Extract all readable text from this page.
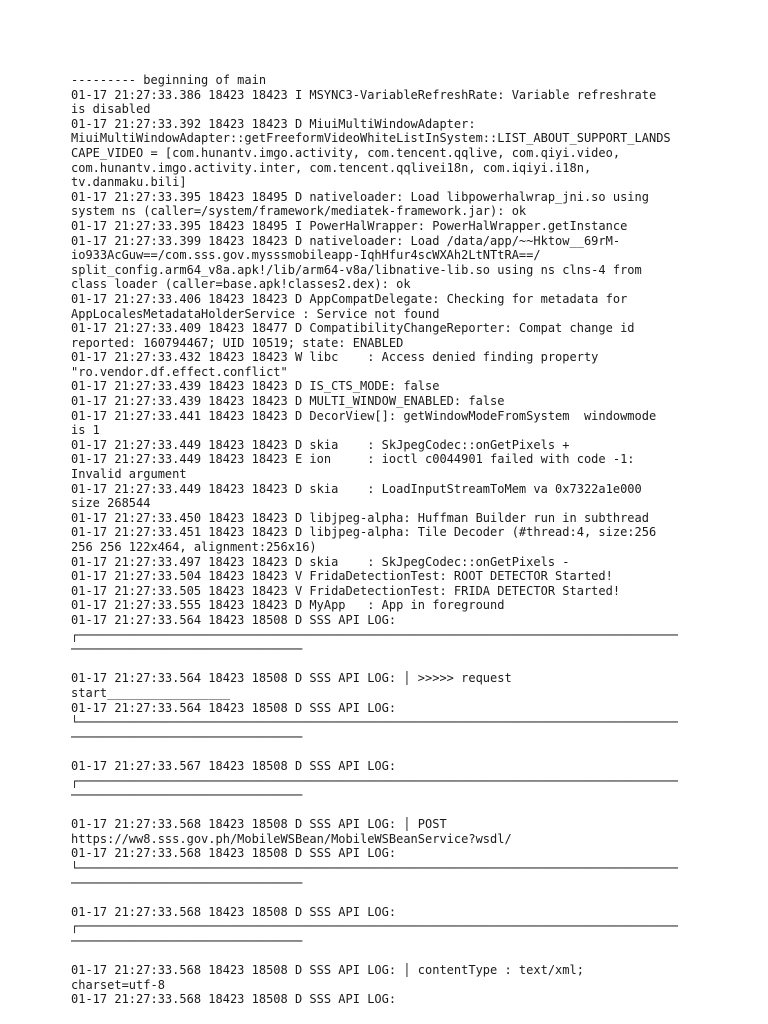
--------- beginning of main
01-17 21:27:33.386 18423 18423 I MSYNC3-VariableRefreshRate: Variable refreshrate
is disabled
01-17 21:27:33.392 18423 18423 D MiuiMultiWindowAdapter:
MiuiMultiWindowAdapter::getFreeformVideoWhiteListInSystem::LIST_ABOUT_SUPPORT_LANDS
CAPE_VIDEO = [com.hunantv.imgo.activity, com.tencent.qqlive, com.qiyi.video,
com.hunantv.imgo.activity.inter, com.tencent.qqlivei18n, com.iqiyi.i18n,
tv.danmaku.bili]
01-17 21:27:33.395 18423 18495 D nativeloader: Load libpowerhalwrap_jni.so using
system ns (caller=/system/framework/mediatek-framework.jar): ok
01-17 21:27:33.395 18423 18495 I PowerHalWrapper: PowerHalWrapper.getInstance
01-17 21:27:33.399 18423 18423 D nativeloader: Load /data/app/~~Hktow__69rM-
io933AcGuw==/com.sss.gov.mysssmobileapp-IqhHfur4scWXAh2LtNTtRA==/
split_config.arm64_v8a.apk!/lib/arm64-v8a/libnative-lib.so using ns clns-4 from
class loader (caller=base.apk!classes2.dex): ok
01-17 21:27:33.406 18423 18423 D AppCompatDelegate: Checking for metadata for
AppLocalesMetadataHolderService : Service not found
01-17 21:27:33.409 18423 18477 D CompatibilityChangeReporter: Compat change id
reported: 160794467; UID 10519; state: ENABLED
01-17 21:27:33.432 18423 18423 W libc    : Access denied finding property
"ro.vendor.df.effect.conflict"
01-17 21:27:33.439 18423 18423 D IS_CTS_MODE: false
01-17 21:27:33.439 18423 18423 D MULTI_WINDOW_ENABLED: false
01-17 21:27:33.441 18423 18423 D DecorView[]: getWindowModeFromSystem  windowmode
is 1
01-17 21:27:33.449 18423 18423 D skia    : SkJpegCodec::onGetPixels +
01-17 21:27:33.449 18423 18423 E ion     : ioctl c0044901 failed with code -1:
Invalid argument
01-17 21:27:33.449 18423 18423 D skia    : LoadInputStreamToMem va 0x7322a1e000
size 268544
01-17 21:27:33.450 18423 18423 D libjpeg-alpha: Huffman Builder run in subthread
01-17 21:27:33.451 18423 18423 D libjpeg-alpha: Tile Decoder (#thread:4, size:256
256 256 122x464, alignment:256x16)
01-17 21:27:33.497 18423 18423 D skia    : SkJpegCodec::onGetPixels -
01-17 21:27:33.504 18423 18423 V FridaDetectionTest: ROOT DETECTOR Started!
01-17 21:27:33.505 18423 18423 V FridaDetectionTest: FRIDA DETECTOR Started!
01-17 21:27:33.555 18423 18423 D MyApp   : App in foreground
01-17 21:27:33.564 18423 18508 D SSS API LOG:
┌───────────────────────────────────────────────────────────────────────────────────
────────────────────────────────

01-17 21:27:33.564 18423 18508 D SSS API LOG: │ >>>>> request
start_________________
01-17 21:27:33.564 18423 18508 D SSS API LOG:
└───────────────────────────────────────────────────────────────────────────────────
────────────────────────────────

01-17 21:27:33.567 18423 18508 D SSS API LOG:
┌───────────────────────────────────────────────────────────────────────────────────
────────────────────────────────

01-17 21:27:33.568 18423 18508 D SSS API LOG: │ POST
https://ww8.sss.gov.ph/MobileWSBean/MobileWSBeanService?wsdl/
01-17 21:27:33.568 18423 18508 D SSS API LOG:
└───────────────────────────────────────────────────────────────────────────────────
────────────────────────────────

01-17 21:27:33.568 18423 18508 D SSS API LOG:
┌───────────────────────────────────────────────────────────────────────────────────
────────────────────────────────

01-17 21:27:33.568 18423 18508 D SSS API LOG: │ contentType : text/xml;
charset=utf-8
01-17 21:27:33.568 18423 18508 D SSS API LOG:
